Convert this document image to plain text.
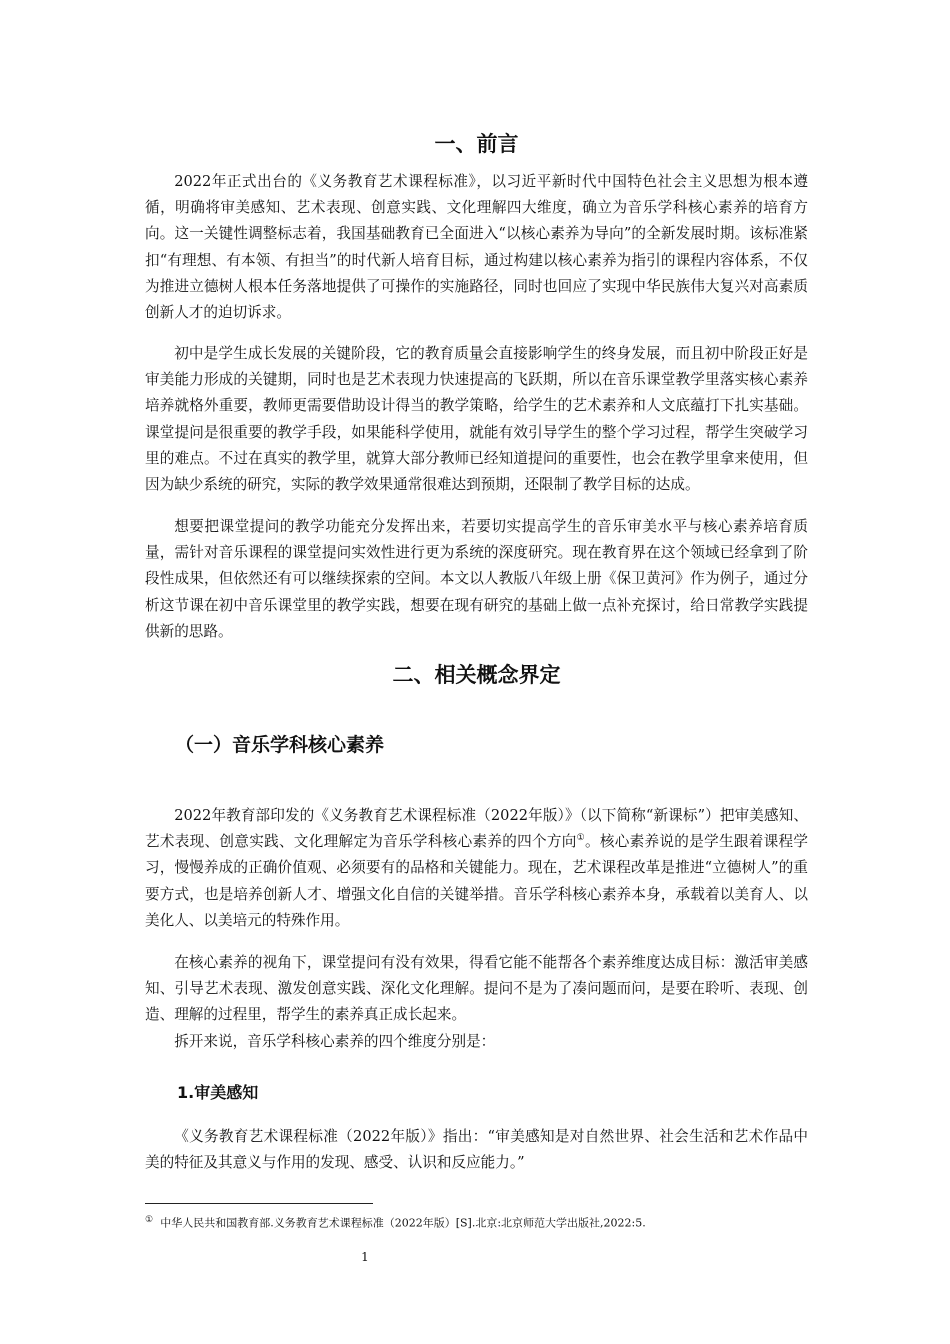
一、前言

2022年正式出台的《义务教育艺术课程标准》，以习近平新时代中国特色社会主义思想为根本遵循，明确将审美感知、艺术表现、创意实践、文化理解四大维度，确立为音乐学科核心素养的培育方向。这一关键性调整标志着，我国基础教育已全面进入“以核心素养为导向”的全新发展时期。该标准紧扣“有理想、有本领、有担当”的时代新人培育目标，通过构建以核心素养为指引的课程内容体系，不仅为推进立德树人根本任务落地提供了可操作的实施路径，同时也回应了实现中华民族伟大复兴对高素质创新人才的迫切诉求。

初中是学生成长发展的关键阶段，它的教育质量会直接影响学生的终身发展，而且初中阶段正好是审美能力形成的关键期，同时也是艺术表现力快速提高的飞跃期，所以在音乐课堂教学里落实核心素养培养就格外重要，教师更需要借助设计得当的教学策略，给学生的艺术素养和人文底蕴打下扎实基础。课堂提问是很重要的教学手段，如果能科学使用，就能有效引导学生的整个学习过程，帮学生突破学习里的难点。不过在真实的教学里，就算大部分教师已经知道提问的重要性，也会在教学里拿来使用，但因为缺少系统的研究，实际的教学效果通常很难达到预期，还限制了教学目标的达成。

想要把课堂提问的教学功能充分发挥出来，若要切实提高学生的音乐审美水平与核心素养培育质量，需针对音乐课程的课堂提问实效性进行更为系统的深度研究。现在教育界在这个领域已经拿到了阶段性成果，但依然还有可以继续探索的空间。本文以人教版八年级上册《保卫黄河》作为例子，通过分析这节课在初中音乐课堂里的教学实践，想要在现有研究的基础上做一点补充探讨，给日常教学实践提供新的思路。

二、相关概念界定
（一）音乐学科核心素养

2022年教育部印发的《义务教育艺术课程标准（2022年版）》（以下简称“新课标”）把审美感知、艺术表现、创意实践、文化理解定为音乐学科核心素养的四个方向①。核心素养说的是学生跟着课程学习，慢慢养成的正确价值观、必须要有的品格和关键能力。现在，艺术课程改革是推进“立德树人”的重要方式，也是培养创新人才、增强文化自信的关键举措。音乐学科核心素养本身，承载着以美育人、以美化人、以美培元的特殊作用。

在核心素养的视角下，课堂提问有没有效果，得看它能不能帮各个素养维度达成目标：激活审美感知、引导艺术表现、激发创意实践、深化文化理解。提问不是为了凑问题而问，是要在聆听、表现、创造、理解的过程里，帮学生的素养真正成长起来。

拆开来说，音乐学科核心素养的四个维度分别是：

1.审美感知

《义务教育艺术课程标准（2022年版）》指出：“审美感知是对自然世界、社会生活和艺术作品中美的特征及其意义与作用的发现、感受、认识和反应能力。”

① 中华人民共和国教育部.义务教育艺术课程标准（2022年版）[S].北京:北京师范大学出版社,2022:5.

1
